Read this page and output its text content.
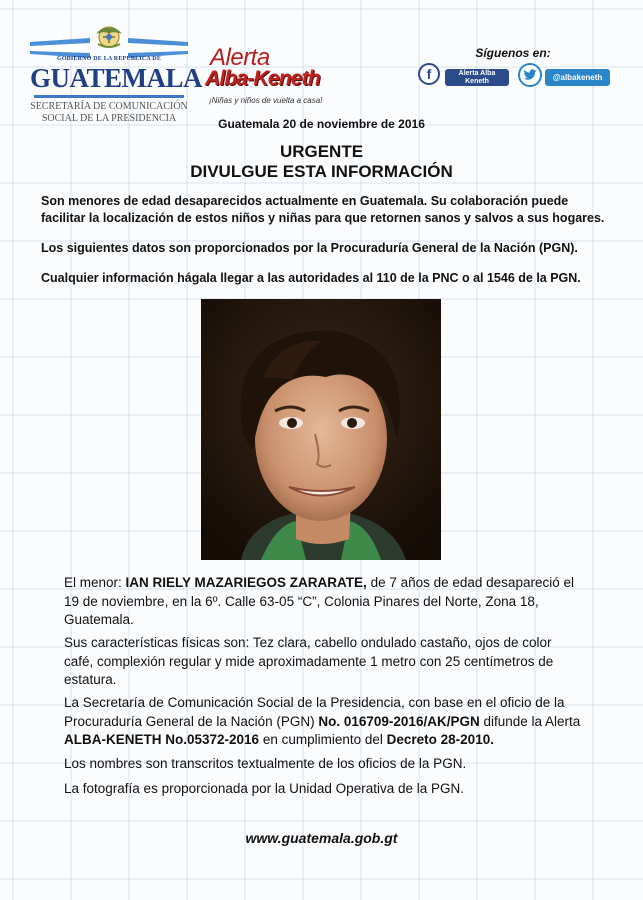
GOBIERNO DE LA REPÚBLICA DE
GUATEMALA
SECRETARÍA DE COMUNICACIÓN
SOCIAL DE LA PRESIDENCIA
Alerta
Alba-Keneth
¡Niñas y niños de vuelta a casa!
Síguenos en:
f	Alerta Alba
Keneth	@albakeneth
Guatemala 20 de noviembre de 2016
URGENTE
DIVULGUE ESTA INFORMACIÓN

Son menores de edad desaparecidos actualmente en Guatemala. Su colaboración puede facilitar la localización de estos niños y niñas para que retornen sanos y salvos a sus hogares.

Los siguientes datos son proporcionados por la Procuraduría General de la Nación (PGN).

Cualquier información hágala llegar a las autoridades al 110 de la PNC o al 1546 de la PGN.

El menor: IAN RIELY MAZARIEGOS ZARARATE, de 7 años de edad desapareció el 19 de noviembre, en la 6º. Calle 63-05 “C”, Colonia Pinares del Norte, Zona 18, Guatemala.

Sus características físicas son: Tez clara, cabello ondulado castaño, ojos de color café, complexión regular y mide aproximadamente 1 metro con 25 centímetros de estatura.

La Secretaría de Comunicación Social de la Presidencia, con base en el oficio de la Procuraduría General de la Nación (PGN) No. 016709-2016/AK/PGN difunde la Alerta ALBA-KENETH No.05372-2016 en cumplimiento del Decreto 28-2010.

Los nombres son transcritos textualmente de los oficios de la PGN.

La fotografía es proporcionada por la Unidad Operativa de la PGN.

www.guatemala.gob.gt
